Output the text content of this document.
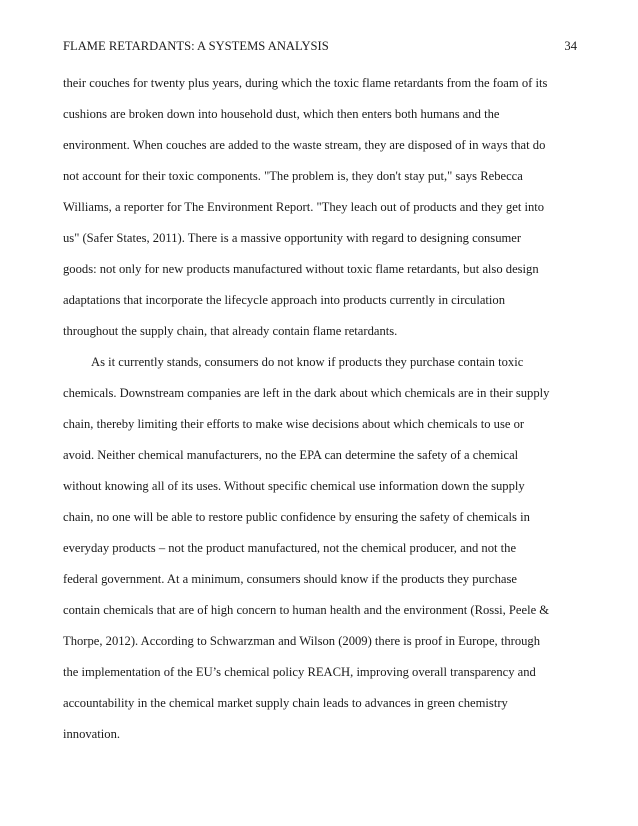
FLAME RETARDANTS: A SYSTEMS ANALYSIS	34
their couches for twenty plus years, during which the toxic flame retardants from the foam of its
cushions are broken down into household dust, which then enters both humans and the
environment. When couches are added to the waste stream, they are disposed of in ways that do
not account for their toxic components. "The problem is, they don't stay put," says Rebecca
Williams, a reporter for The Environment Report. "They leach out of products and they get into
us" (Safer States, 2011). There is a massive opportunity with regard to designing consumer
goods: not only for new products manufactured without toxic flame retardants, but also design
adaptations that incorporate the lifecycle approach into products currently in circulation
throughout the supply chain, that already contain flame retardants.
As it currently stands, consumers do not know if products they purchase contain toxic
chemicals. Downstream companies are left in the dark about which chemicals are in their supply
chain, thereby limiting their efforts to make wise decisions about which chemicals to use or
avoid. Neither chemical manufacturers, no the EPA can determine the safety of a chemical
without knowing all of its uses. Without specific chemical use information down the supply
chain, no one will be able to restore public confidence by ensuring the safety of chemicals in
everyday products – not the product manufactured, not the chemical producer, and not the
federal government. At a minimum, consumers should know if the products they purchase
contain chemicals that are of high concern to human health and the environment (Rossi, Peele &
Thorpe, 2012). According to Schwarzman and Wilson (2009) there is proof in Europe, through
the implementation of the EU’s chemical policy REACH, improving overall transparency and
accountability in the chemical market supply chain leads to advances in green chemistry
innovation.
